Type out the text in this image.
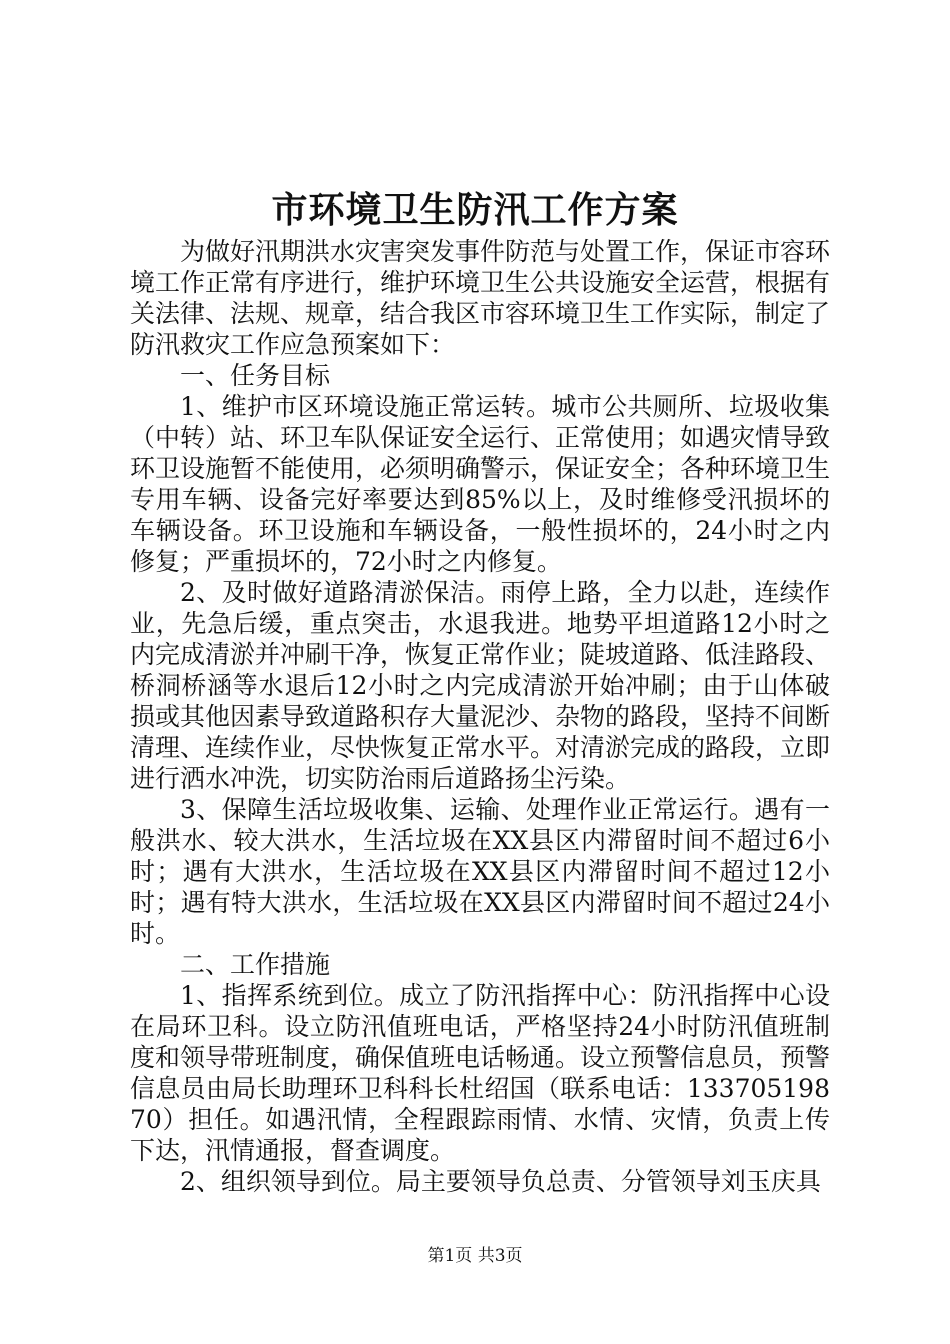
市环境卫生防汛工作方案

为做好汛期洪水灾害突发事件防范与处置工作，保证市容环境工作正常有序进行，维护环境卫生公共设施安全运营，根据有关法律、法规、规章，结合我区市容环境卫生工作实际，制定了防汛救灾工作应急预案如下：

一、任务目标

1、维护市区环境设施正常运转。城市公共厕所、垃圾收集（中转）站、环卫车队保证安全运行、正常使用；如遇灾情导致环卫设施暂不能使用，必须明确警示，保证安全；各种环境卫生专用车辆、设备完好率要达到85%以上，及时维修受汛损坏的车辆设备。环卫设施和车辆设备，一般性损坏的，24小时之内修复；严重损坏的，72小时之内修复。

2、及时做好道路清淤保洁。雨停上路，全力以赴，连续作业，先急后缓，重点突击，水退我进。地势平坦道路12小时之内完成清淤并冲刷干净，恢复正常作业；陡坡道路、低洼路段、桥洞桥涵等水退后12小时之内完成清淤开始冲刷；由于山体破损或其他因素导致道路积存大量泥沙、杂物的路段，坚持不间断清理、连续作业，尽快恢复正常水平。对清淤完成的路段，立即进行洒水冲洗，切实防治雨后道路扬尘污染。

3、保障生活垃圾收集、运输、处理作业正常运行。遇有一般洪水、较大洪水，生活垃圾在XX县区内滞留时间不超过6小时；遇有大洪水，生活垃圾在XX县区内滞留时间不超过12小时；遇有特大洪水，生活垃圾在XX县区内滞留时间不超过24小时。

二、工作措施

1、指挥系统到位。成立了防汛指挥中心：防汛指挥中心设在局环卫科。设立防汛值班电话，严格坚持24小时防汛值班制度和领导带班制度，确保值班电话畅通。设立预警信息员，预警信息员由局长助理环卫科科长杜绍国（联系电话：13370519870）担任。如遇汛情，全程跟踪雨情、水情、灾情，负责上传下达，汛情通报，督查调度。

2、组织领导到位。局主要领导负总责、分管领导刘玉庆具

第1页 共3页
